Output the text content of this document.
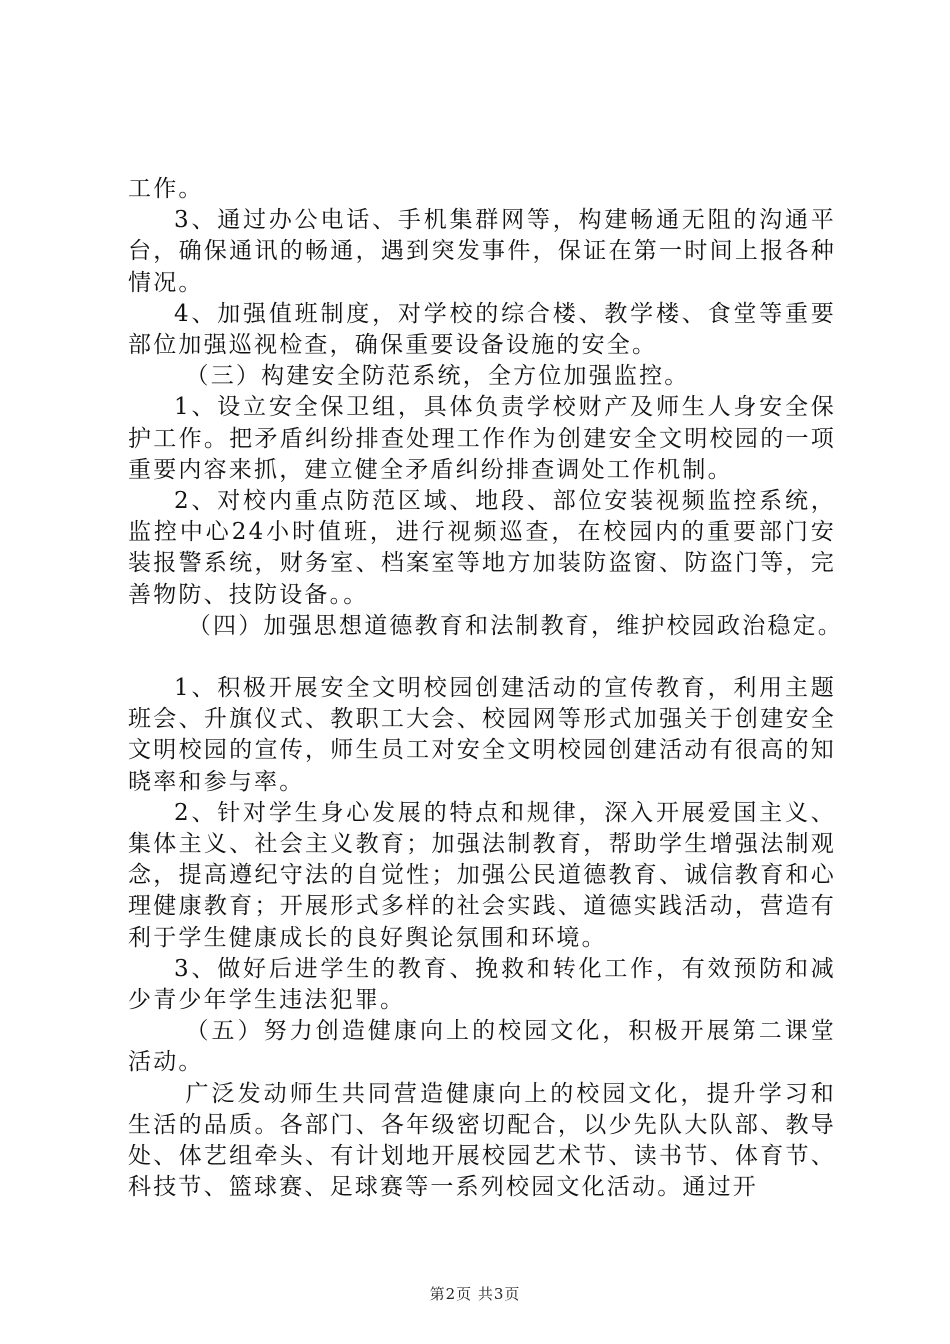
工作。

3、通过办公电话、手机集群网等，构建畅通无阻的沟通平台，确保通讯的畅通，遇到突发事件，保证在第一时间上报各种情况。

4、加强值班制度，对学校的综合楼、教学楼、食堂等重要部位加强巡视检查，确保重要设备设施的安全。

（三）构建安全防范系统，全方位加强监控。

1、设立安全保卫组，具体负责学校财产及师生人身安全保护工作。把矛盾纠纷排查处理工作作为创建安全文明校园的一项重要内容来抓，建立健全矛盾纠纷排查调处工作机制。

2、对校内重点防范区域、地段、部位安装视频监控系统，监控中心24小时值班，进行视频巡查，在校园内的重要部门安装报警系统，财务室、档案室等地方加装防盗窗、防盗门等，完善物防、技防设备。。

（四）加强思想道德教育和法制教育，维护校园政治稳定。

1、积极开展安全文明校园创建活动的宣传教育，利用主题班会、升旗仪式、教职工大会、校园网等形式加强关于创建安全文明校园的宣传，师生员工对安全文明校园创建活动有很高的知晓率和参与率。

2、针对学生身心发展的特点和规律，深入开展爱国主义、集体主义、社会主义教育；加强法制教育，帮助学生增强法制观念，提高遵纪守法的自觉性；加强公民道德教育、诚信教育和心理健康教育；开展形式多样的社会实践、道德实践活动，营造有利于学生健康成长的良好舆论氛围和环境。

3、做好后进学生的教育、挽救和转化工作，有效预防和减少青少年学生违法犯罪。

（五）努力创造健康向上的校园文化，积极开展第二课堂活动。

广泛发动师生共同营造健康向上的校园文化，提升学习和生活的品质。各部门、各年级密切配合，以少先队大队部、教导处、体艺组牵头、有计划地开展校园艺术节、读书节、体育节、科技节、篮球赛、足球赛等一系列校园文化活动。通过开

第2页 共3页
